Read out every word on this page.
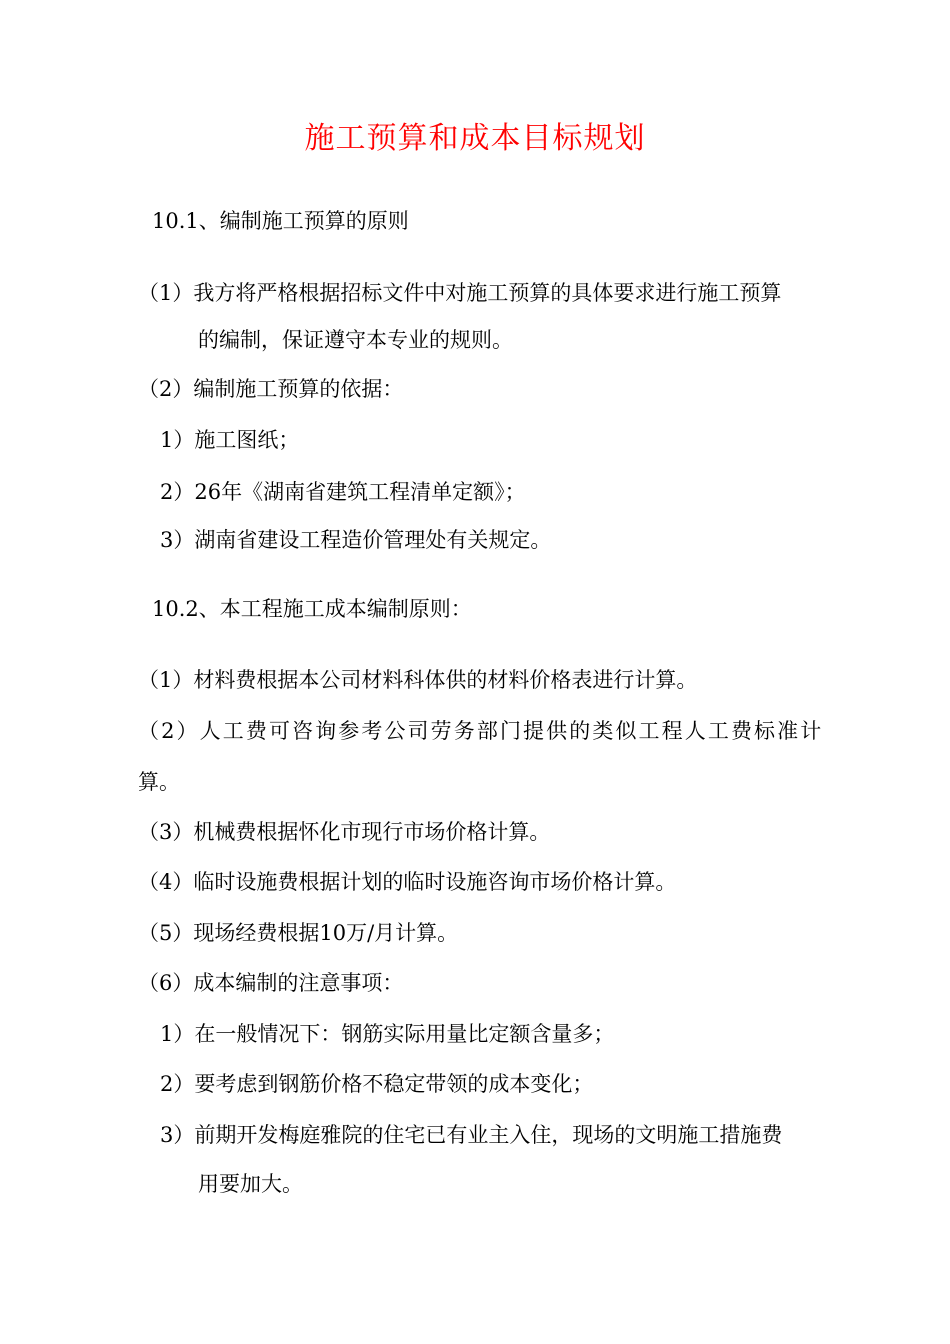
施工预算和成本目标规划
10.1、编制施工预算的原则
（1）我方将严格根据招标文件中对施工预算的具体要求进行施工预算
的编制，保证遵守本专业的规则。
（2）编制施工预算的依据：
1）施工图纸；
2）26年《湖南省建筑工程清单定额》；
3）湖南省建设工程造价管理处有关规定。
10.2、本工程施工成本编制原则：
（1）材料费根据本公司材料科体供的材料价格表进行计算。
（2）人工费可咨询参考公司劳务部门提供的类似工程人工费标准计
算。
（3）机械费根据怀化市现行市场价格计算。
（4）临时设施费根据计划的临时设施咨询市场价格计算。
（5）现场经费根据10万/月计算。
（6）成本编制的注意事项：
1）在一般情况下：钢筋实际用量比定额含量多；
2）要考虑到钢筋价格不稳定带领的成本变化；
3）前期开发梅庭雅院的住宅已有业主入住，现场的文明施工措施费
用要加大。
